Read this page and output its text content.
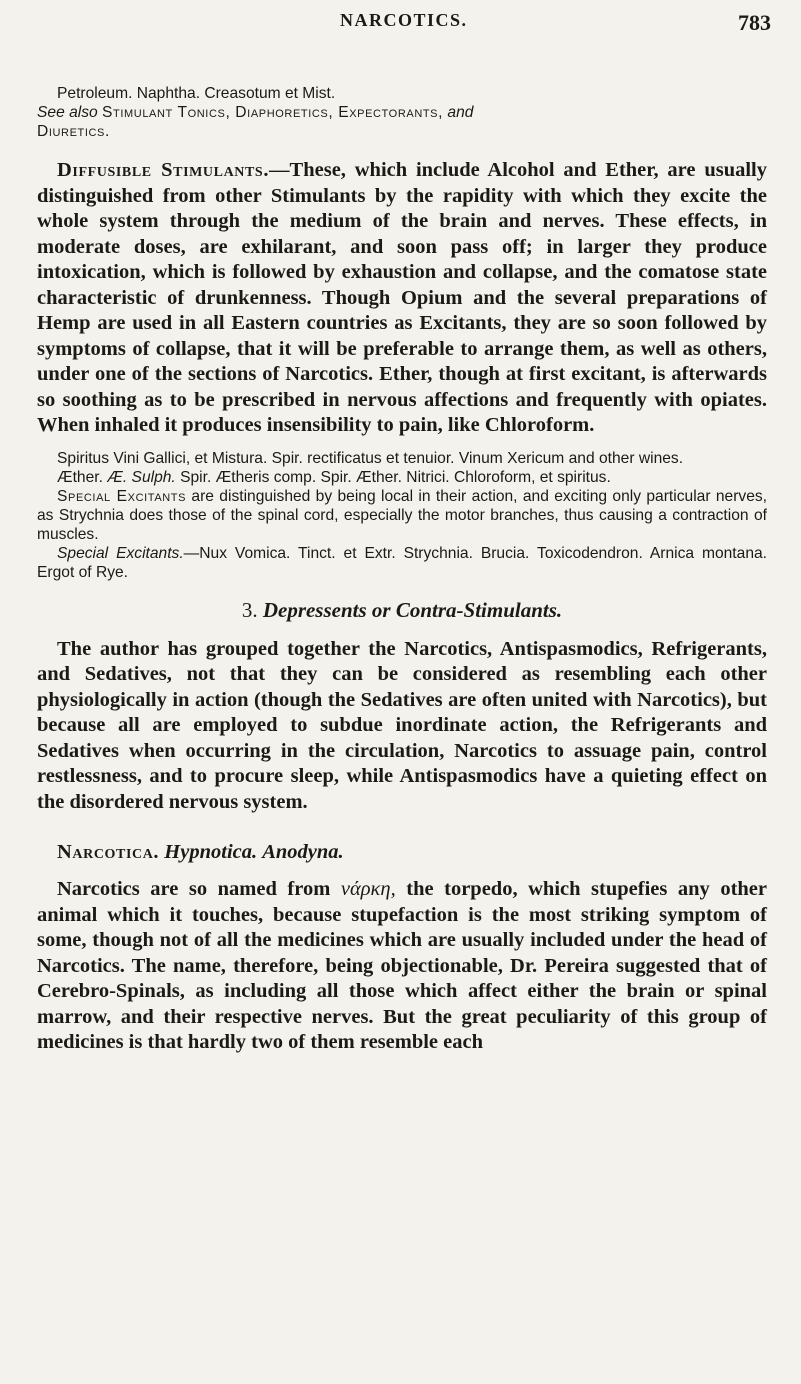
NARCOTICS.	783

Petroleum. Naphtha. Creasotum et Mist.
See also Stimulant Tonics, Diaphoretics, Expectorants, and
Diuretics.

Diffusible Stimulants.—These, which include Alcohol and Ether, are usually distinguished from other Stimulants by the rapidity with which they excite the whole system through the medium of the brain and nerves. These effects, in moderate doses, are exhilarant, and soon pass off; in larger they produce intoxication, which is followed by exhaustion and collapse, and the comatose state characteristic of drunkenness. Though Opium and the several preparations of Hemp are used in all Eastern countries as Excitants, they are so soon followed by symptoms of collapse, that it will be preferable to arrange them, as well as others, under one of the sections of Narcotics. Ether, though at first excitant, is afterwards so soothing as to be prescribed in nervous affections and frequently with opiates. When inhaled it produces insensibility to pain, like Chloroform.

Spiritus Vini Gallici, et Mistura. Spir. rectificatus et tenuior. Vinum Xericum and other wines.

Æther. Æ. Sulph. Spir. Ætheris comp. Spir. Æther. Nitrici. Chloroform, et spiritus.

Special Excitants are distinguished by being local in their action, and exciting only particular nerves, as Strychnia does those of the spinal cord, especially the motor branches, thus causing a contraction of muscles.

Special Excitants.—Nux Vomica. Tinct. et Extr. Strychnia. Brucia. Toxicodendron. Arnica montana. Ergot of Rye.

3. Depressents or Contra-Stimulants.

The author has grouped together the Narcotics, Antispasmodics, Refrigerants, and Sedatives, not that they can be considered as resembling each other physiologically in action (though the Sedatives are often united with Narcotics), but because all are employed to subdue inordinate action, the Refrigerants and Sedatives when occurring in the circulation, Narcotics to assuage pain, control restlessness, and to procure sleep, while Antispasmodics have a quieting effect on the disordered nervous system.

Narcotica. Hypnotica. Anodyna.

Narcotics are so named from νάρκη, the torpedo, which stupefies any other animal which it touches, because stupefaction is the most striking symptom of some, though not of all the medicines which are usually included under the head of Narcotics. The name, therefore, being objectionable, Dr. Pereira suggested that of Cerebro-Spinals, as including all those which affect either the brain or spinal marrow, and their respective nerves. But the great peculiarity of this group of medicines is that hardly two of them resemble each
